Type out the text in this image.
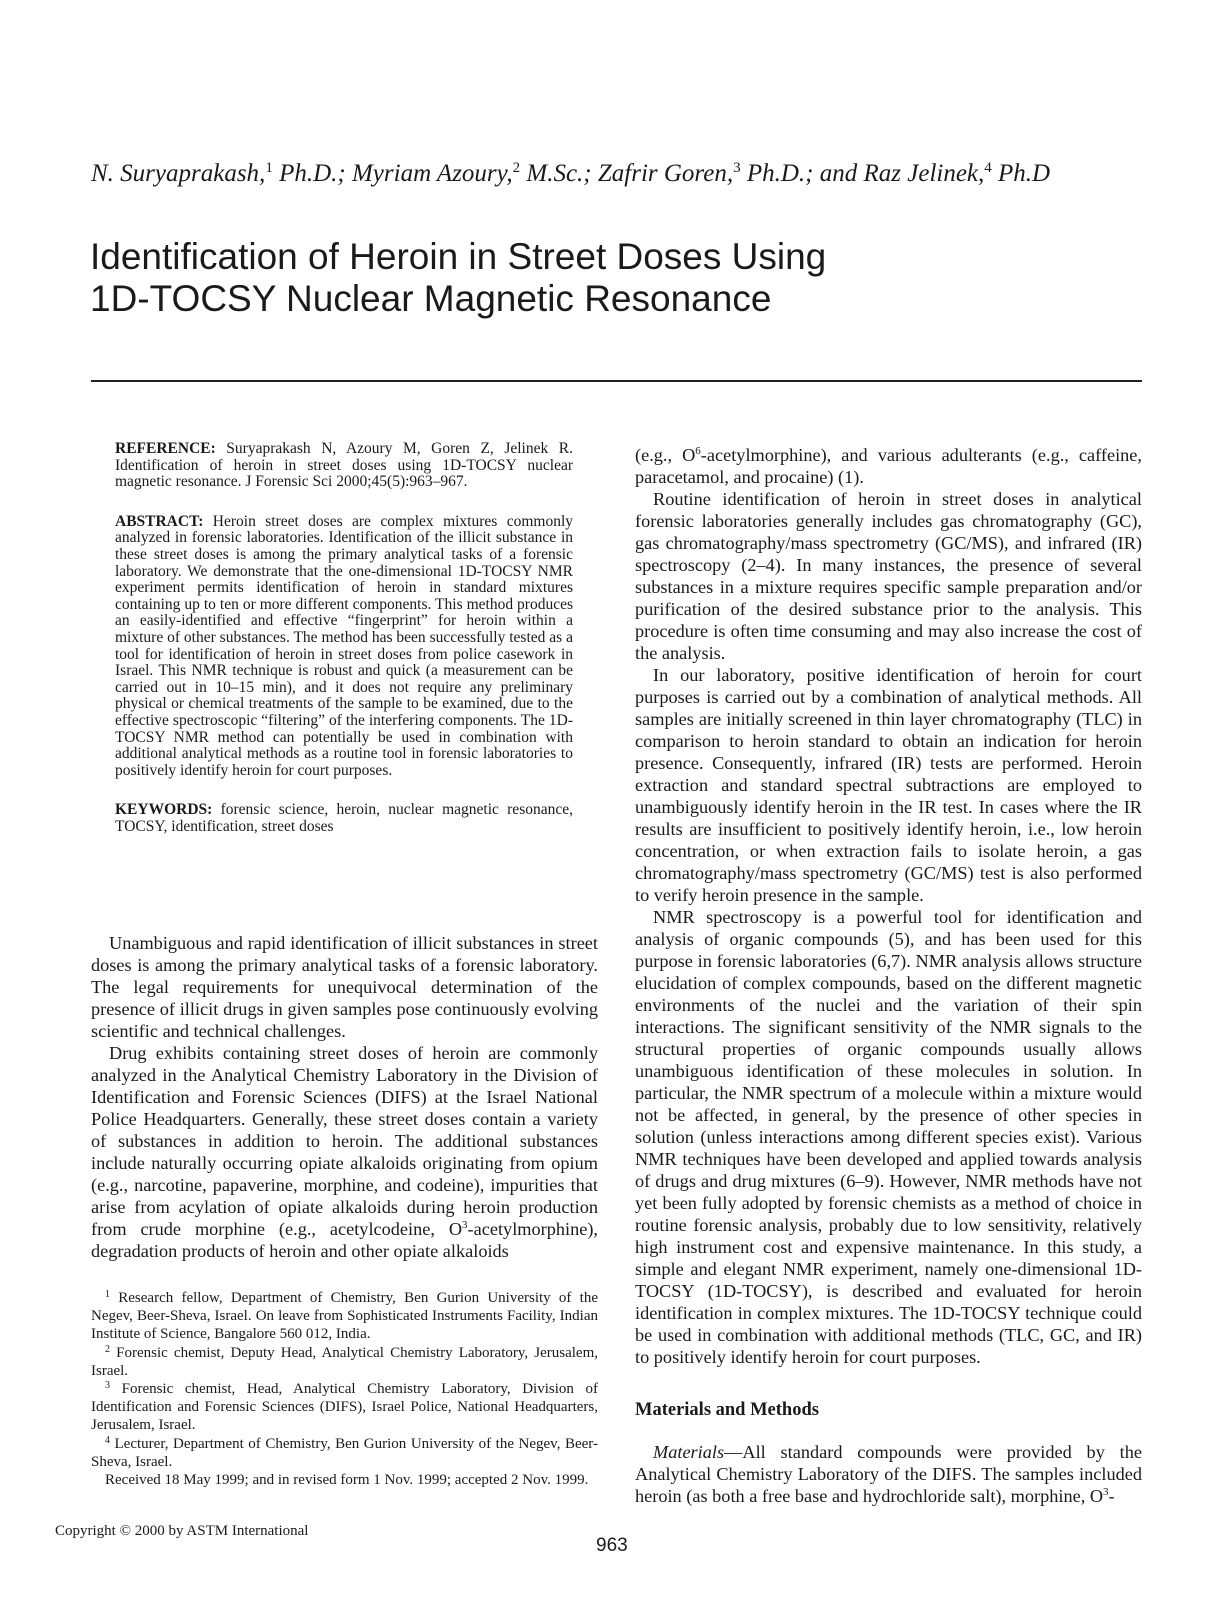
N. Suryaprakash,$^1$ Ph.D.; Myriam Azoury,$^2$ M.Sc.; Zafrir Goren,$^3$ Ph.D.; and Raz Jelinek,$^4$ Ph.D
Identification of Heroin in Street Doses Using
1D-TOCSY Nuclear Magnetic Resonance

REFERENCE: Suryaprakash N, Azoury M, Goren Z, Jelinek R. Identification of heroin in street doses using 1D-TOCSY nuclear magnetic resonance. J Forensic Sci 2000;45(5):963–967.

ABSTRACT: Heroin street doses are complex mixtures commonly analyzed in forensic laboratories. Identification of the illicit substance in these street doses is among the primary analytical tasks of a forensic laboratory. We demonstrate that the one-dimensional 1D-TOCSY NMR experiment permits identification of heroin in standard mixtures containing up to ten or more different components. This method produces an easily-identified and effective “fingerprint” for heroin within a mixture of other substances. The method has been successfully tested as a tool for identification of heroin in street doses from police casework in Israel. This NMR technique is robust and quick (a measurement can be carried out in 10–15 min), and it does not require any preliminary physical or chemical treatments of the sample to be examined, due to the effective spectroscopic “filtering” of the interfering components. The 1D-TOCSY NMR method can potentially be used in combination with additional analytical methods as a routine tool in forensic laboratories to positively identify heroin for court purposes.

KEYWORDS: forensic science, heroin, nuclear magnetic resonance, TOCSY, identification, street doses

Unambiguous and rapid identification of illicit substances in street doses is among the primary analytical tasks of a forensic laboratory. The legal requirements for unequivocal determination of the presence of illicit drugs in given samples pose continuously evolving scientific and technical challenges.

Drug exhibits containing street doses of heroin are commonly analyzed in the Analytical Chemistry Laboratory in the Division of Identification and Forensic Sciences (DIFS) at the Israel National Police Headquarters. Generally, these street doses contain a variety of substances in addition to heroin. The additional substances include naturally occurring opiate alkaloids originating from opium (e.g., narcotine, papaverine, morphine, and codeine), impurities that arise from acylation of opiate alkaloids during heroin production from crude morphine (e.g., acetylcodeine, $O^3-acetylmorphine$), degradation products of heroin and other opiate alkaloids

$^1$ Research fellow, Department of Chemistry, Ben Gurion University of the Negev, Beer-Sheva, Israel. On leave from Sophisticated Instruments Facility, Indian Institute of Science, Bangalore 560 012, India.

$^2$ Forensic chemist, Deputy Head, Analytical Chemistry Laboratory, Jerusalem, Israel.

$^3$ Forensic chemist, Head, Analytical Chemistry Laboratory, Division of Identification and Forensic Sciences (DIFS), Israel Police, National Headquarters, Jerusalem, Israel.

$^4$ Lecturer, Department of Chemistry, Ben Gurion University of the Negev, Beer-Sheva, Israel.

Received 18 May 1999; and in revised form 1 Nov. 1999; accepted 2 Nov. 1999.

(e.g., $O^6-acetylmorphine$), and various adulterants (e.g., caffeine, paracetamol, and procaine) (1).

Routine identification of heroin in street doses in analytical forensic laboratories generally includes gas chromatography (GC), gas chromatography/mass spectrometry (GC/MS), and infrared (IR) spectroscopy (2–4). In many instances, the presence of several substances in a mixture requires specific sample preparation and/or purification of the desired substance prior to the analysis. This procedure is often time consuming and may also increase the cost of the analysis.

In our laboratory, positive identification of heroin for court purposes is carried out by a combination of analytical methods. All samples are initially screened in thin layer chromatography (TLC) in comparison to heroin standard to obtain an indication for heroin presence. Consequently, infrared (IR) tests are performed. Heroin extraction and standard spectral subtractions are employed to unambiguously identify heroin in the IR test. In cases where the IR results are insufficient to positively identify heroin, i.e., low heroin concentration, or when extraction fails to isolate heroin, a gas chromatography/mass spectrometry (GC/MS) test is also performed to verify heroin presence in the sample.

NMR spectroscopy is a powerful tool for identification and analysis of organic compounds (5), and has been used for this purpose in forensic laboratories (6,7). NMR analysis allows structure elucidation of complex compounds, based on the different magnetic environments of the nuclei and the variation of their spin interactions. The significant sensitivity of the NMR signals to the structural properties of organic compounds usually allows unambiguous identification of these molecules in solution. In particular, the NMR spectrum of a molecule within a mixture would not be affected, in general, by the presence of other species in solution (unless interactions among different species exist). Various NMR techniques have been developed and applied towards analysis of drugs and drug mixtures (6–9). However, NMR methods have not yet been fully adopted by forensic chemists as a method of choice in routine forensic analysis, probably due to low sensitivity, relatively high instrument cost and expensive maintenance. In this study, a simple and elegant NMR experiment, namely one-dimensional 1D-TOCSY (1D-TOCSY), is described and evaluated for heroin identification in complex mixtures. The 1D-TOCSY technique could be used in combination with additional methods (TLC, GC, and IR) to positively identify heroin for court purposes.

Materials and Methods

Materials—All standard compounds were provided by the Analytical Chemistry Laboratory of the DIFS. The samples included heroin (as both a free base and hydrochloride salt), morphine, $O^3-$

Copyright © 2000 by ASTM International
963
